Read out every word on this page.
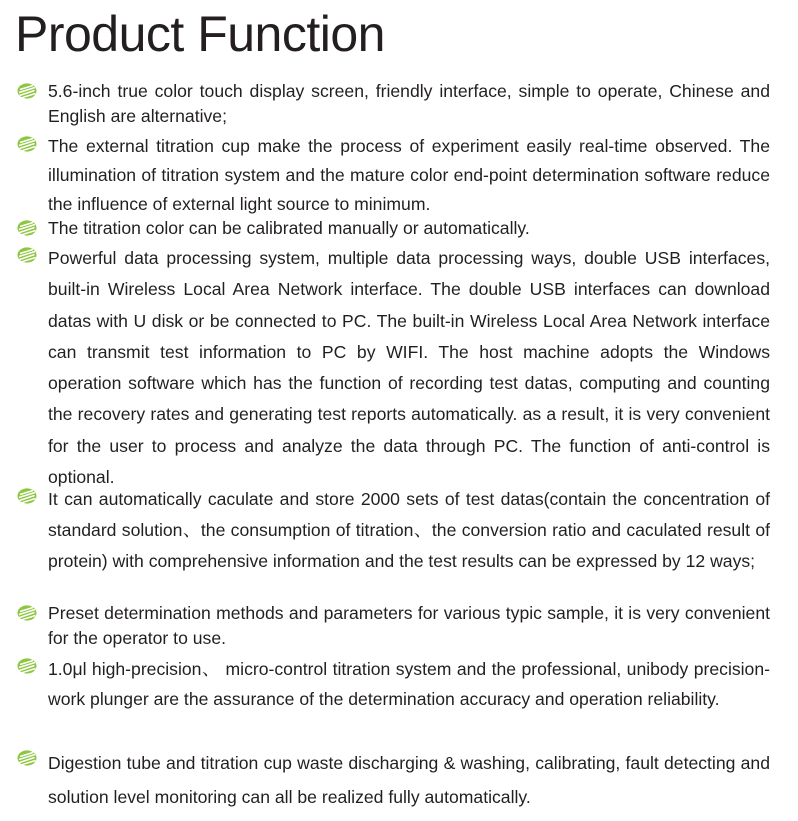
Product Function

5.6-inch true color touch display screen, friendly interface, simple to operate, Chinese and English are alternative;

The external titration cup make the process of experiment easily real-time observed. The illumination of titration system and the mature color end-point determination software reduce the influence of external light source to minimum.

The titration color can be calibrated manually or automatically.

Powerful data processing system, multiple data processing ways, double USB interfaces, built-in Wireless Local Area Network interface. The double USB interfaces can download datas with U disk or be connected to PC. The built-in Wireless Local Area Network interface can transmit test information to PC by WIFI. The host machine adopts the Windows operation software which has the function of recording test datas, computing and counting the recovery rates and generating test reports automatically. as a result, it is very convenient for the user to process and analyze the data through PC. The function of anti-control is optional.

It can automatically caculate and store 2000 sets of test datas(contain the concentration of standard solution、the consumption of titration、the conversion ratio and caculated result of protein) with comprehensive information and the test results can be expressed by 12 ways;

Preset determination methods and parameters for various typic sample, it is very convenient for the operator to use.

1.0μl high-precision、 micro-control titration system and the professional, unibody precision-work plunger are the assurance of the determination accuracy and operation reliability.

Digestion tube and titration cup waste discharging & washing, calibrating, fault detecting and solution level monitoring can all be realized fully automatically.
